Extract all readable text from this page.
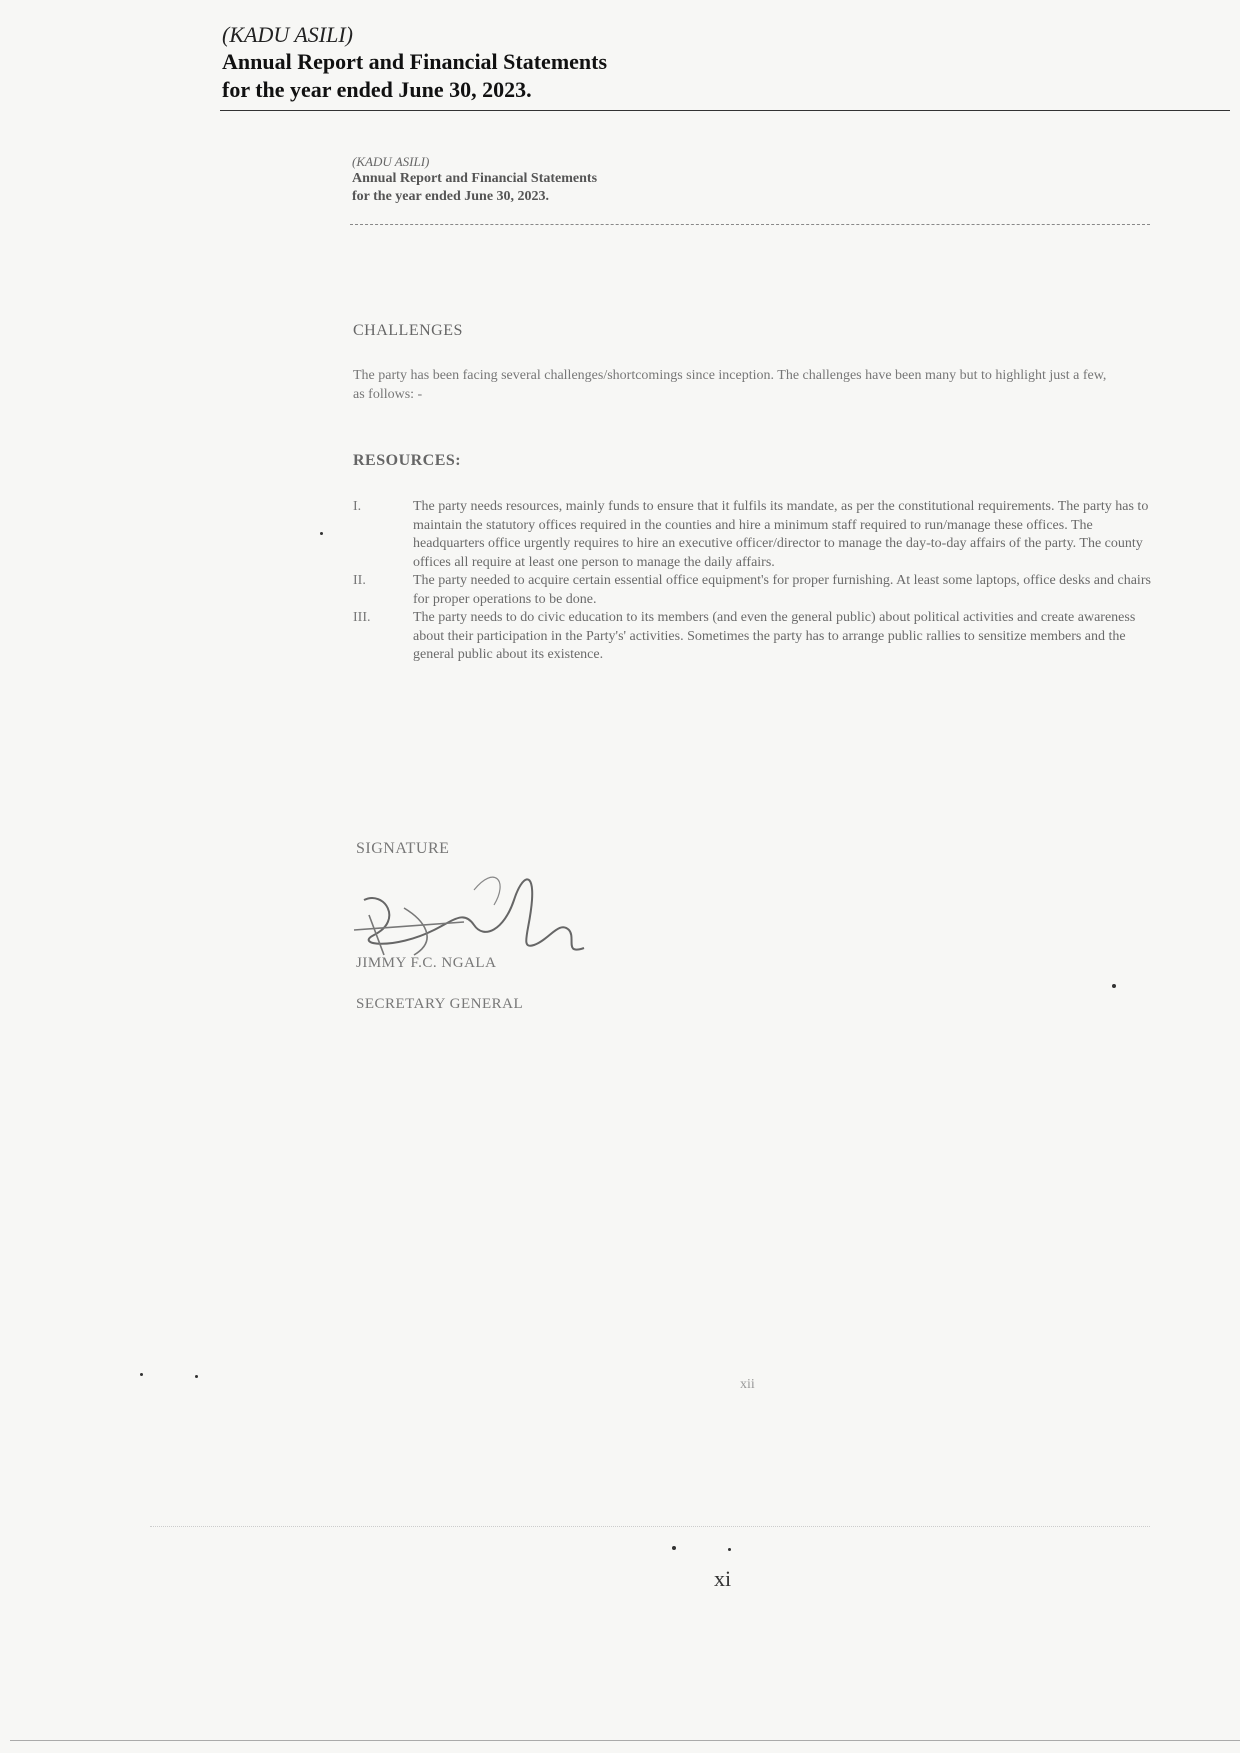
(KADU ASILI)
Annual Report and Financial Statements
for the year ended June 30, 2023.
(KADU ASILI)
Annual Report and Financial Statements
for the year ended June 30, 2023.
CHALLENGES
The party has been facing several challenges/shortcomings since inception. The challenges have been many but to highlight just a few, as follows: -
RESOURCES:
I.	The party needs resources, mainly funds to ensure that it fulfils its mandate, as per the constitutional requirements. The party has to maintain the statutory offices required in the counties and hire a minimum staff required to run/manage these offices. The headquarters office urgently requires to hire an executive officer/director to manage the day-to-day affairs of the party. The county offices all require at least one person to manage the daily affairs.
II.	The party needed to acquire certain essential office equipment's for proper furnishing. At least some laptops, office desks and chairs for proper operations to be done.
III.	The party needs to do civic education to its members (and even the general public) about political activities and create awareness about their participation in the Party's' activities. Sometimes the party has to arrange public rallies to sensitize members and the general public about its existence.
SIGNATURE
JIMMY F.C. NGALA
SECRETARY GENERAL
xii
xi
